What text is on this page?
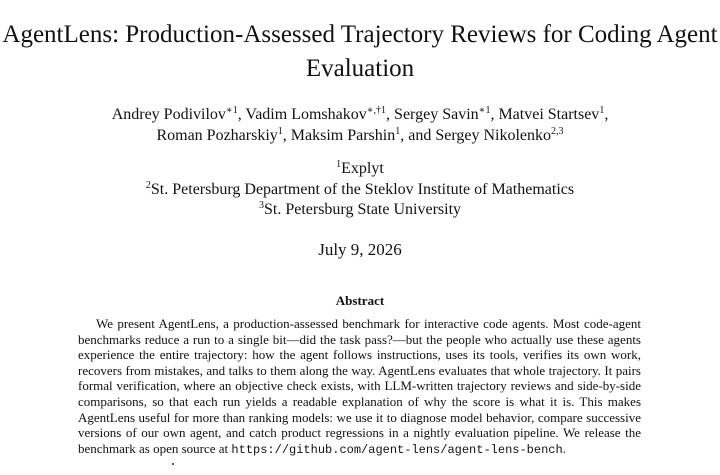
AgentLens: Production-Assessed Trajectory Reviews for Coding Agent Evaluation
Andrey Podivilov$^{∗1}$, Vadim Lomshakov$^{∗,\dagger 1}$, Sergey Savin$^{∗1}$, Matvei Startsev$^1$,
Roman Pozharskiy$^1$, Maksim Parshin$^1$, and Sergey Nikolenko$^{2,3}$
$^1$Explyt
$^2$St. Petersburg Department of the Steklov Institute of Mathematics
$^3$St. Petersburg State University
July 9, 2026
Abstract
We present AgentLens, a production-assessed benchmark for interactive code agents. Most code-agent benchmarks reduce a run to a single bit—did the task pass?—but the people who actually use these agents experience the entire trajectory: how the agent follows instructions, uses its tools, verifies its own work, recovers from mistakes, and talks to them along the way. AgentLens evaluates that whole trajectory. It pairs formal verification, where an objective check exists, with LLM-written trajectory reviews and side-by-side comparisons, so that each run yields a readable explanation of why the score is what it is. This makes AgentLens useful for more than ranking models: we use it to diagnose model behavior, compare successive versions of our own agent, and catch product regressions in a nightly evaluation pipeline. We release the benchmark as open source at https://github.com/agent-lens/agent-lens-bench.
